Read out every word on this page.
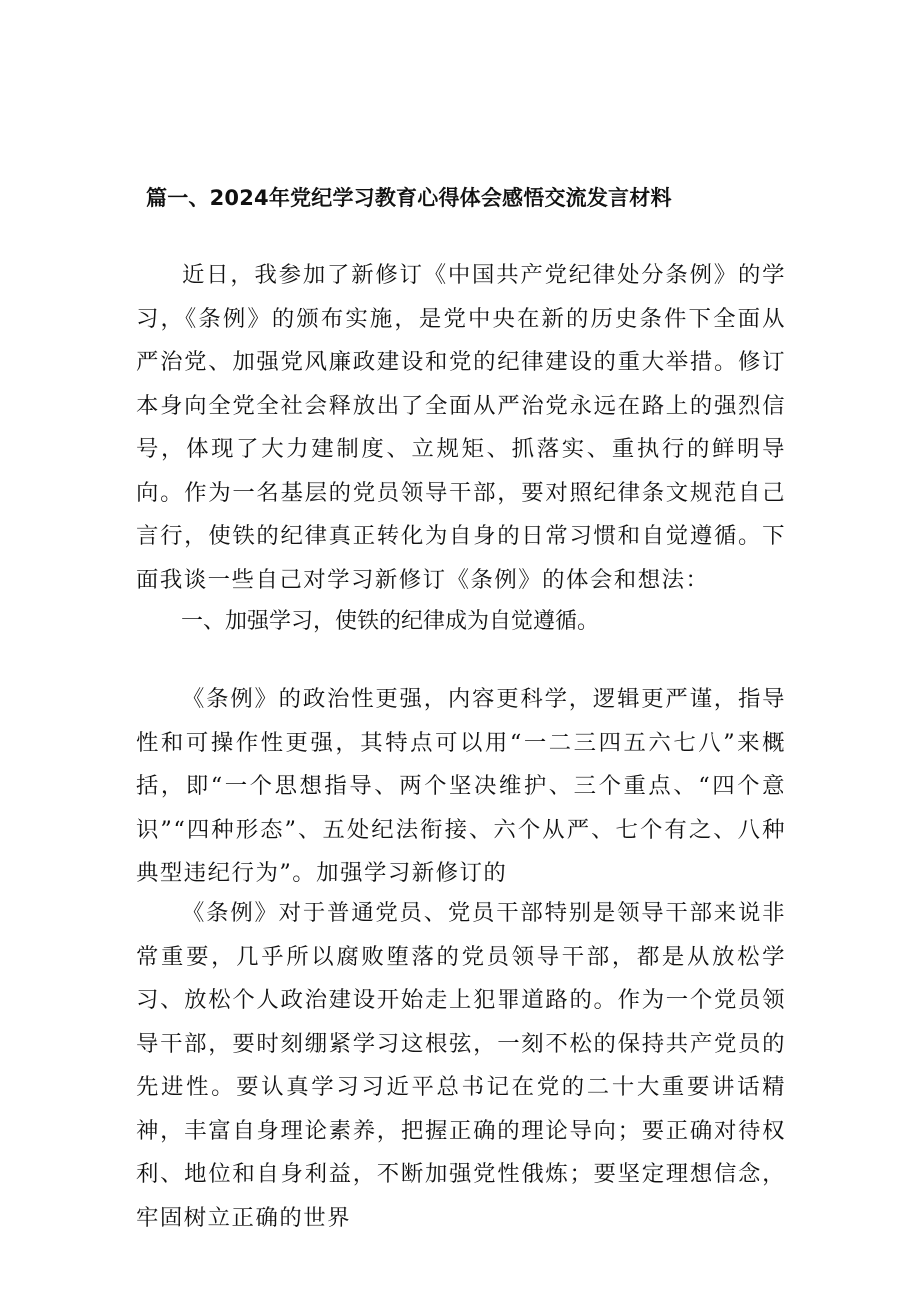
篇一、2024年党纪学习教育心得体会感悟交流发言材料

近日，我参加了新修订《中国共产党纪律处分条例》的学习，《条例》的颁布实施，是党中央在新的历史条件下全面从严治党、加强党风廉政建设和党的纪律建设的重大举措。修订本身向全党全社会释放出了全面从严治党永远在路上的强烈信号，体现了大力建制度、立规矩、抓落实、重执行的鲜明导向。作为一名基层的党员领导干部，要对照纪律条文规范自己言行，使铁的纪律真正转化为自身的日常习惯和自觉遵循。下面我谈一些自己对学习新修订《条例》的体会和想法：

一、加强学习，使铁的纪律成为自觉遵循。

《条例》的政治性更强，内容更科学，逻辑更严谨，指导性和可操作性更强，其特点可以用“一二三四五六七八”来概括，即“一个思想指导、两个坚决维护、三个重点、“四个意识”“四种形态”、五处纪法衔接、六个从严、七个有之、八种典型违纪行为”。加强学习新修订的

《条例》对于普通党员、党员干部特别是领导干部来说非常重要，几乎所以腐败堕落的党员领导干部，都是从放松学习、放松个人政治建设开始走上犯罪道路的。作为一个党员领导干部，要时刻绷紧学习这根弦，一刻不松的保持共产党员的先进性。要认真学习习近平总书记在党的二十大重要讲话精神，丰富自身理论素养，把握正确的理论导向；要正确对待权利、地位和自身利益，不断加强党性俄炼；要坚定理想信念，牢固树立正确的世界
